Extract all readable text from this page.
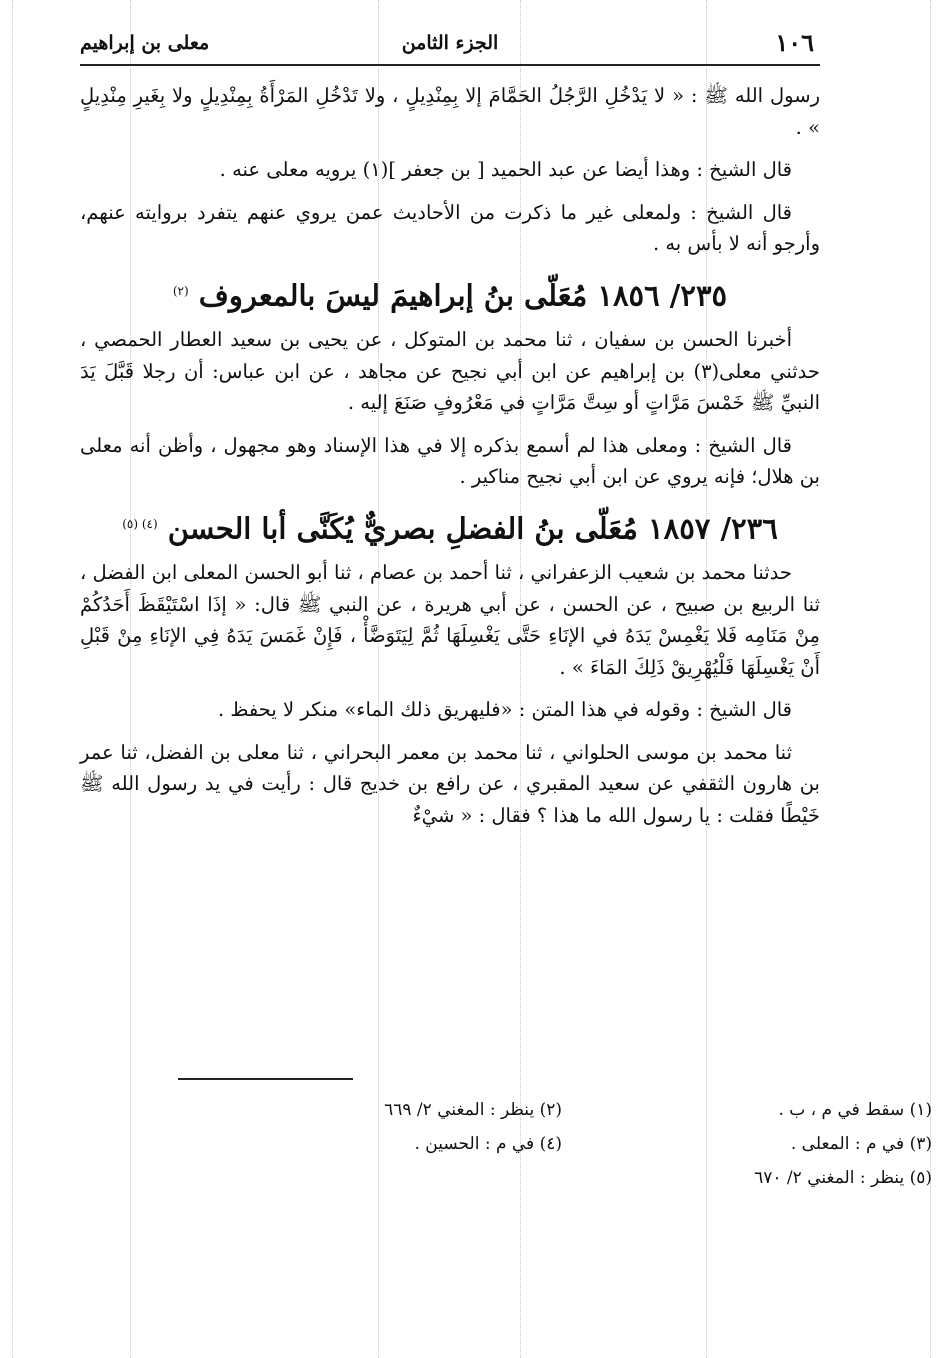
١٠٦
الجزء الثامن
معلى بن إبراهيم

رسول الله ﷺ : « لا يَدْخُلِ الرَّجُلُ الحَمَّامَ إلا بِمِنْدِيلٍ ، ولا تَدْخُلِ المَرْأَةُ بِمِنْدِيلٍ ولا بِغَيرِ مِنْدِيلٍ » .

قال الشيخ : وهذا أيضا عن عبد الحميد [ بن جعفر ](١) يرويه معلى عنه .

قال الشيخ : ولمعلى غير ما ذكرت من الأحاديث عمن يروي عنهم يتفرد بروايته عنهم، وأرجو أنه لا بأس به .

٢٣٥/ ١٨٥٦ مُعَلّى بنُ إبراهيمَ ليسَ بالمعروف $^{(٢)}$

أخبرنا الحسن بن سفيان ، ثنا محمد بن المتوكل ، عن يحيى بن سعيد العطار الحمصي ، حدثني معلى(٣) بن إبراهيم عن ابن أبي نجيح عن مجاهد ، عن ابن عباس: أن رجلا قَبَّلَ يَدَ النبيِّ ﷺ خَمْسَ مَرَّاتٍ أو سِتَّ مَرَّاتٍ في مَعْرُوفٍ صَنَعَ إليه .

قال الشيخ : ومعلى هذا لم أسمع بذكره إلا في هذا الإسناد وهو مجهول ، وأظن أنه معلى بن هلال؛ فإنه يروي عن ابن أبي نجيح مناكير .

٢٣٦/ ١٨٥٧ مُعَلّى بنُ الفضلِ بصريٌّ يُكَنَّى أبا الحسن $^{(٤) (٥)}$

حدثنا محمد بن شعيب الزعفراني ، ثنا أحمد بن عصام ، ثنا أبو الحسن المعلى ابن الفضل ، ثنا الربيع بن صبيح ، عن الحسن ، عن أبي هريرة ، عن النبي ﷺ قال: « إذَا اسْتَيْقَظَ أَحَدُكُمْ مِنْ مَنَامِه فَلا يَغْمِسْ يَدَهُ في الإنَاءِ حَتَّى يَغْسِلَهَا ثُمَّ لِيَتَوَضَّأْ ، فَإِنْ غَمَسَ يَدَهُ فِي الإنَاءِ مِنْ قَبْلِ أَنْ يَغْسِلَهَا فَلْيُهْرِيقْ ذَلِكَ المَاءَ » .

قال الشيخ : وقوله في هذا المتن : «فليهريق ذلك الماء» منكر لا يحفظ .

ثنا محمد بن موسى الحلواني ، ثنا محمد بن معمر البحراني ، ثنا معلى بن الفضل، ثنا عمر بن هارون الثقفي عن سعيد المقبري ، عن رافع بن خديج قال : رأيت في يد رسول الله ﷺ خَيْطًا فقلت : يا رسول الله ما هذا ؟ فقال : « شيْءٌ

(١) سقط في م ، ب .
(٢) ينظر : المغني ٢/ ٦٦٩
(٣) في م : المعلى .
(٤) في م : الحسين .
(٥) ينظر : المغني ٢/ ٦٧٠
